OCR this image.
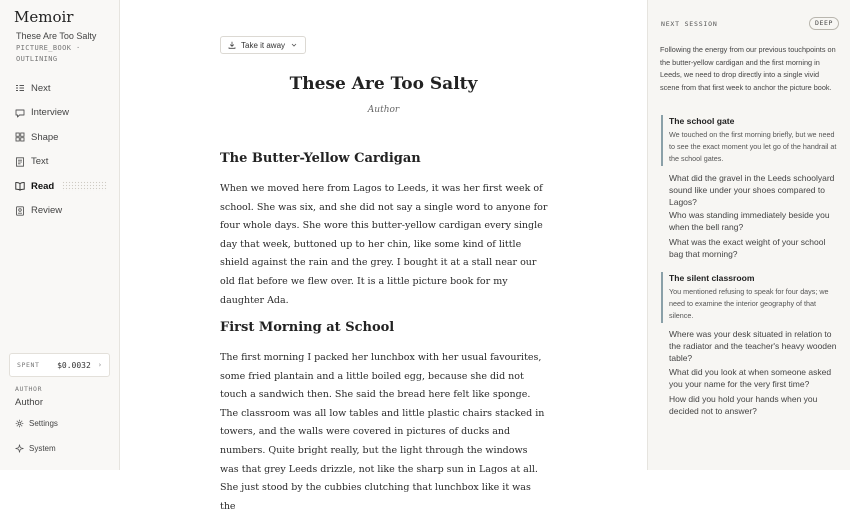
Memoir
These Are Too Salty
PICTURE_BOOK · OUTLINING
Next
Interview
Shape
Text
Read
Review
SPENT $0.0032 ›
AUTHOR
Author
Settings
System
Take it away
These Are Too Salty
Author
The Butter-Yellow Cardigan

When we moved here from Lagos to Leeds, it was her first week of school. She was six, and she did not say a single word to anyone for four whole days. She wore this butter-yellow cardigan every single day that week, buttoned up to her chin, like some kind of little shield against the rain and the grey. I bought it at a stall near our old flat before we flew over. It is a little picture book for my daughter Ada.

First Morning at School

The first morning I packed her lunchbox with her usual favourites, some fried plantain and a little boiled egg, because she did not touch a sandwich then. She said the bread here felt like sponge. The classroom was all low tables and little plastic chairs stacked in towers, and the walls were covered in pictures of ducks and numbers. Quite bright really, but the light through the windows was that grey Leeds drizzle, not like the sharp sun in Lagos at all. She just stood by the cubbies clutching that lunchbox like it was the

NEXT SESSION	DEEP

Following the energy from our previous touchpoints on the butter-yellow cardigan and the first morning in Leeds, we need to drop directly into a single vivid scene from that first week to anchor the picture book.

The school gate
We touched on the first morning briefly, but we need to see the exact moment you let go of the handrail at the school gates.
What did the gravel in the Leeds schoolyard sound like under your shoes compared to Lagos?
Who was standing immediately beside you when the bell rang?
What was the exact weight of your school bag that morning?
The silent classroom
You mentioned refusing to speak for four days; we need to examine the interior geography of that silence.
Where was your desk situated in relation to the radiator and the teacher's heavy wooden table?
What did you look at when someone asked you your name for the very first time?
How did you hold your hands when you decided not to answer?
